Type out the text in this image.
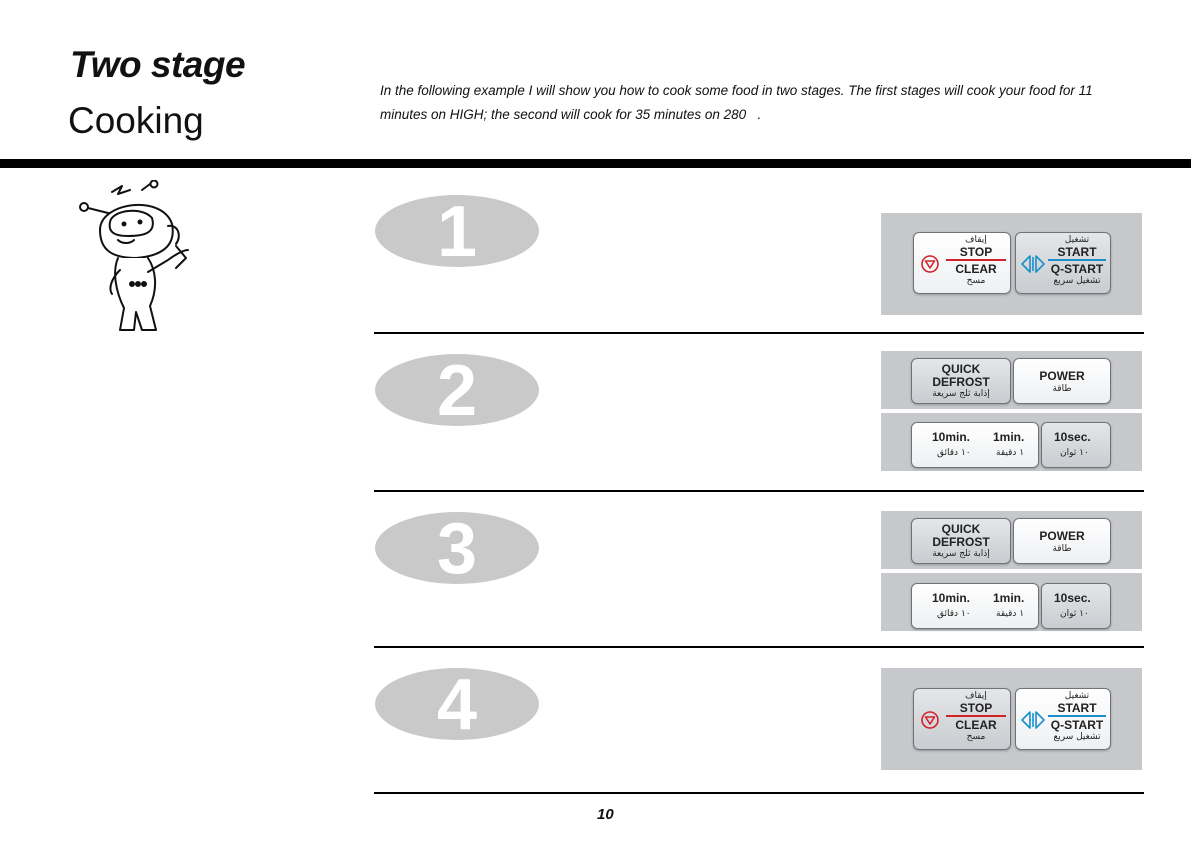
Two stage
Cooking

In the following example I will show you how to cook some food in two stages. The first stages will cook your food for 11 minutes on HIGH; the second will cook for 35 minutes on 280   .

1
2
3
4
إيقاف
STOP
CLEAR
مسح
تشغيل
START
Q-START
تشغيل سريع
QUICK
DEFROST
إذابة ثلج سريعة
POWER
طاقة
10min.
١٠ دقائق
1min.
١ دقيقة
10sec.
١٠ ثوان
QUICK
DEFROST
إذابة ثلج سريعة
POWER
طاقة
10min.
١٠ دقائق
1min.
١ دقيقة
10sec.
١٠ ثوان
إيقاف
STOP
CLEAR
مسح
تشغيل
START
Q-START
تشغيل سريع
10
